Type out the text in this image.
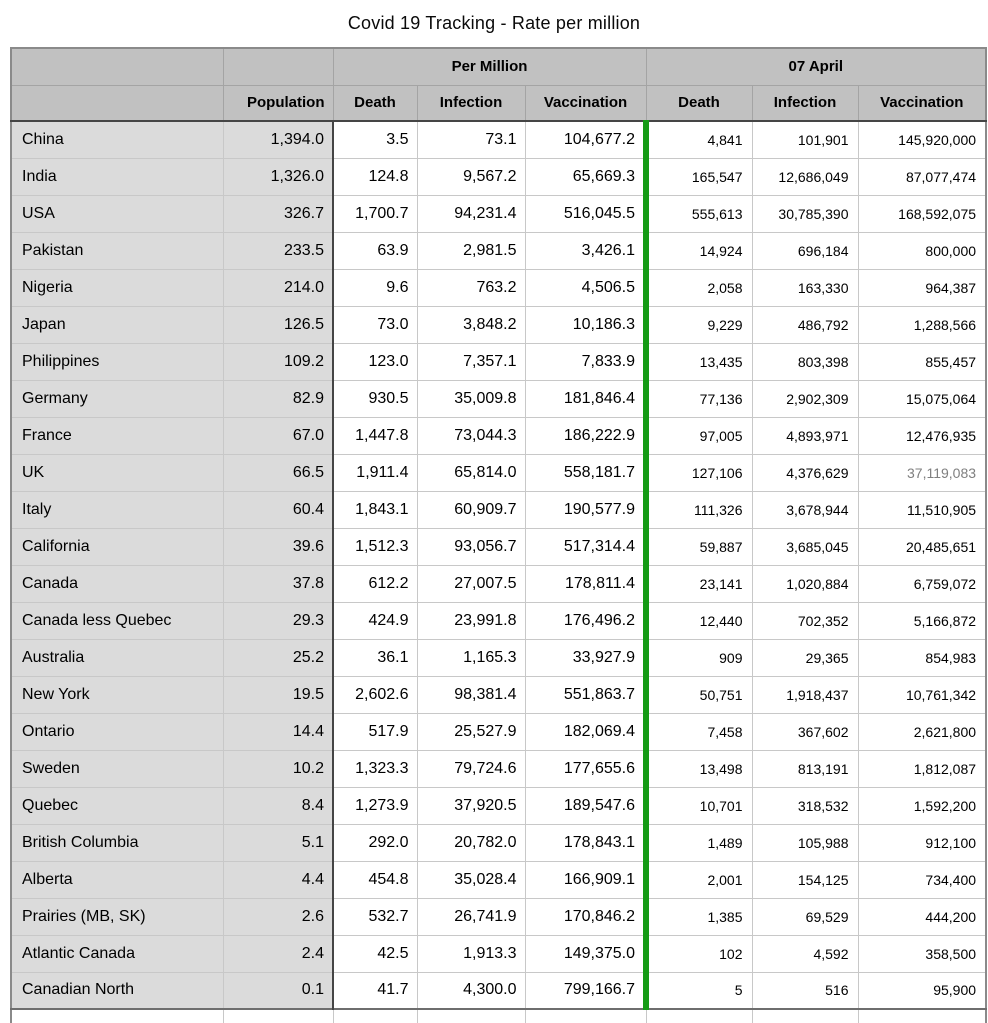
Covid 19 Tracking - Rate per million
		Per Million			07 April		
	Population	Death	Infection	Vaccination	Death	Infection	Vaccination
China	1,394.0	3.5	73.1	104,677.2	4,841	101,901	145,920,000
India	1,326.0	124.8	9,567.2	65,669.3	165,547	12,686,049	87,077,474
USA	326.7	1,700.7	94,231.4	516,045.5	555,613	30,785,390	168,592,075
Pakistan	233.5	63.9	2,981.5	3,426.1	14,924	696,184	800,000
Nigeria	214.0	9.6	763.2	4,506.5	2,058	163,330	964,387
Japan	126.5	73.0	3,848.2	10,186.3	9,229	486,792	1,288,566
Philippines	109.2	123.0	7,357.1	7,833.9	13,435	803,398	855,457
Germany	82.9	930.5	35,009.8	181,846.4	77,136	2,902,309	15,075,064
France	67.0	1,447.8	73,044.3	186,222.9	97,005	4,893,971	12,476,935
UK	66.5	1,911.4	65,814.0	558,181.7	127,106	4,376,629	37,119,083
Italy	60.4	1,843.1	60,909.7	190,577.9	111,326	3,678,944	11,510,905
California	39.6	1,512.3	93,056.7	517,314.4	59,887	3,685,045	20,485,651
Canada	37.8	612.2	27,007.5	178,811.4	23,141	1,020,884	6,759,072
Canada less Quebec	29.3	424.9	23,991.8	176,496.2	12,440	702,352	5,166,872
Australia	25.2	36.1	1,165.3	33,927.9	909	29,365	854,983
New York	19.5	2,602.6	98,381.4	551,863.7	50,751	1,918,437	10,761,342
Ontario	14.4	517.9	25,527.9	182,069.4	7,458	367,602	2,621,800
Sweden	10.2	1,323.3	79,724.6	177,655.6	13,498	813,191	1,812,087
Quebec	8.4	1,273.9	37,920.5	189,547.6	10,701	318,532	1,592,200
British Columbia	5.1	292.0	20,782.0	178,843.1	1,489	105,988	912,100
Alberta	4.4	454.8	35,028.4	166,909.1	2,001	154,125	734,400
Prairies (MB, SK)	2.6	532.7	26,741.9	170,846.2	1,385	69,529	444,200
Atlantic Canada	2.4	42.5	1,913.3	149,375.0	102	4,592	358,500
Canadian North	0.1	41.7	4,300.0	799,166.7	5	516	95,900
